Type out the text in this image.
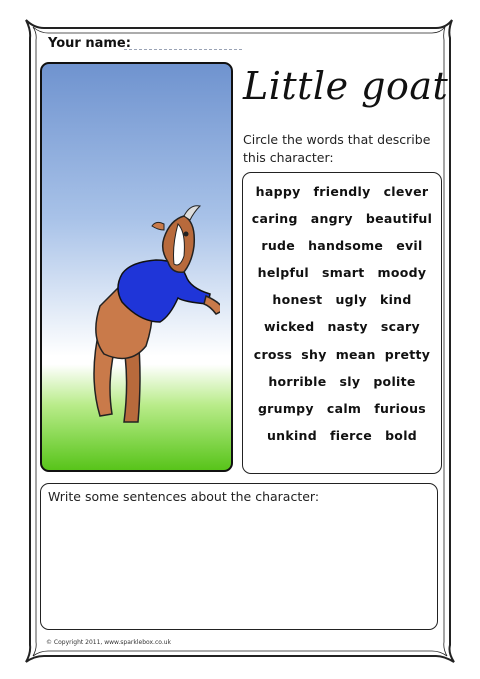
Your name:
Little goat
Circle the words that describe this character:
happy friendly clever
caring angry beautiful
rude handsome evil
helpful smart moody
honest ugly kind
wicked nasty scary
cross shy mean pretty
horrible sly polite
grumpy calm furious
unkind fierce bold
Write some sentences about the character:
© Copyright 2011, www.sparklebox.co.uk
